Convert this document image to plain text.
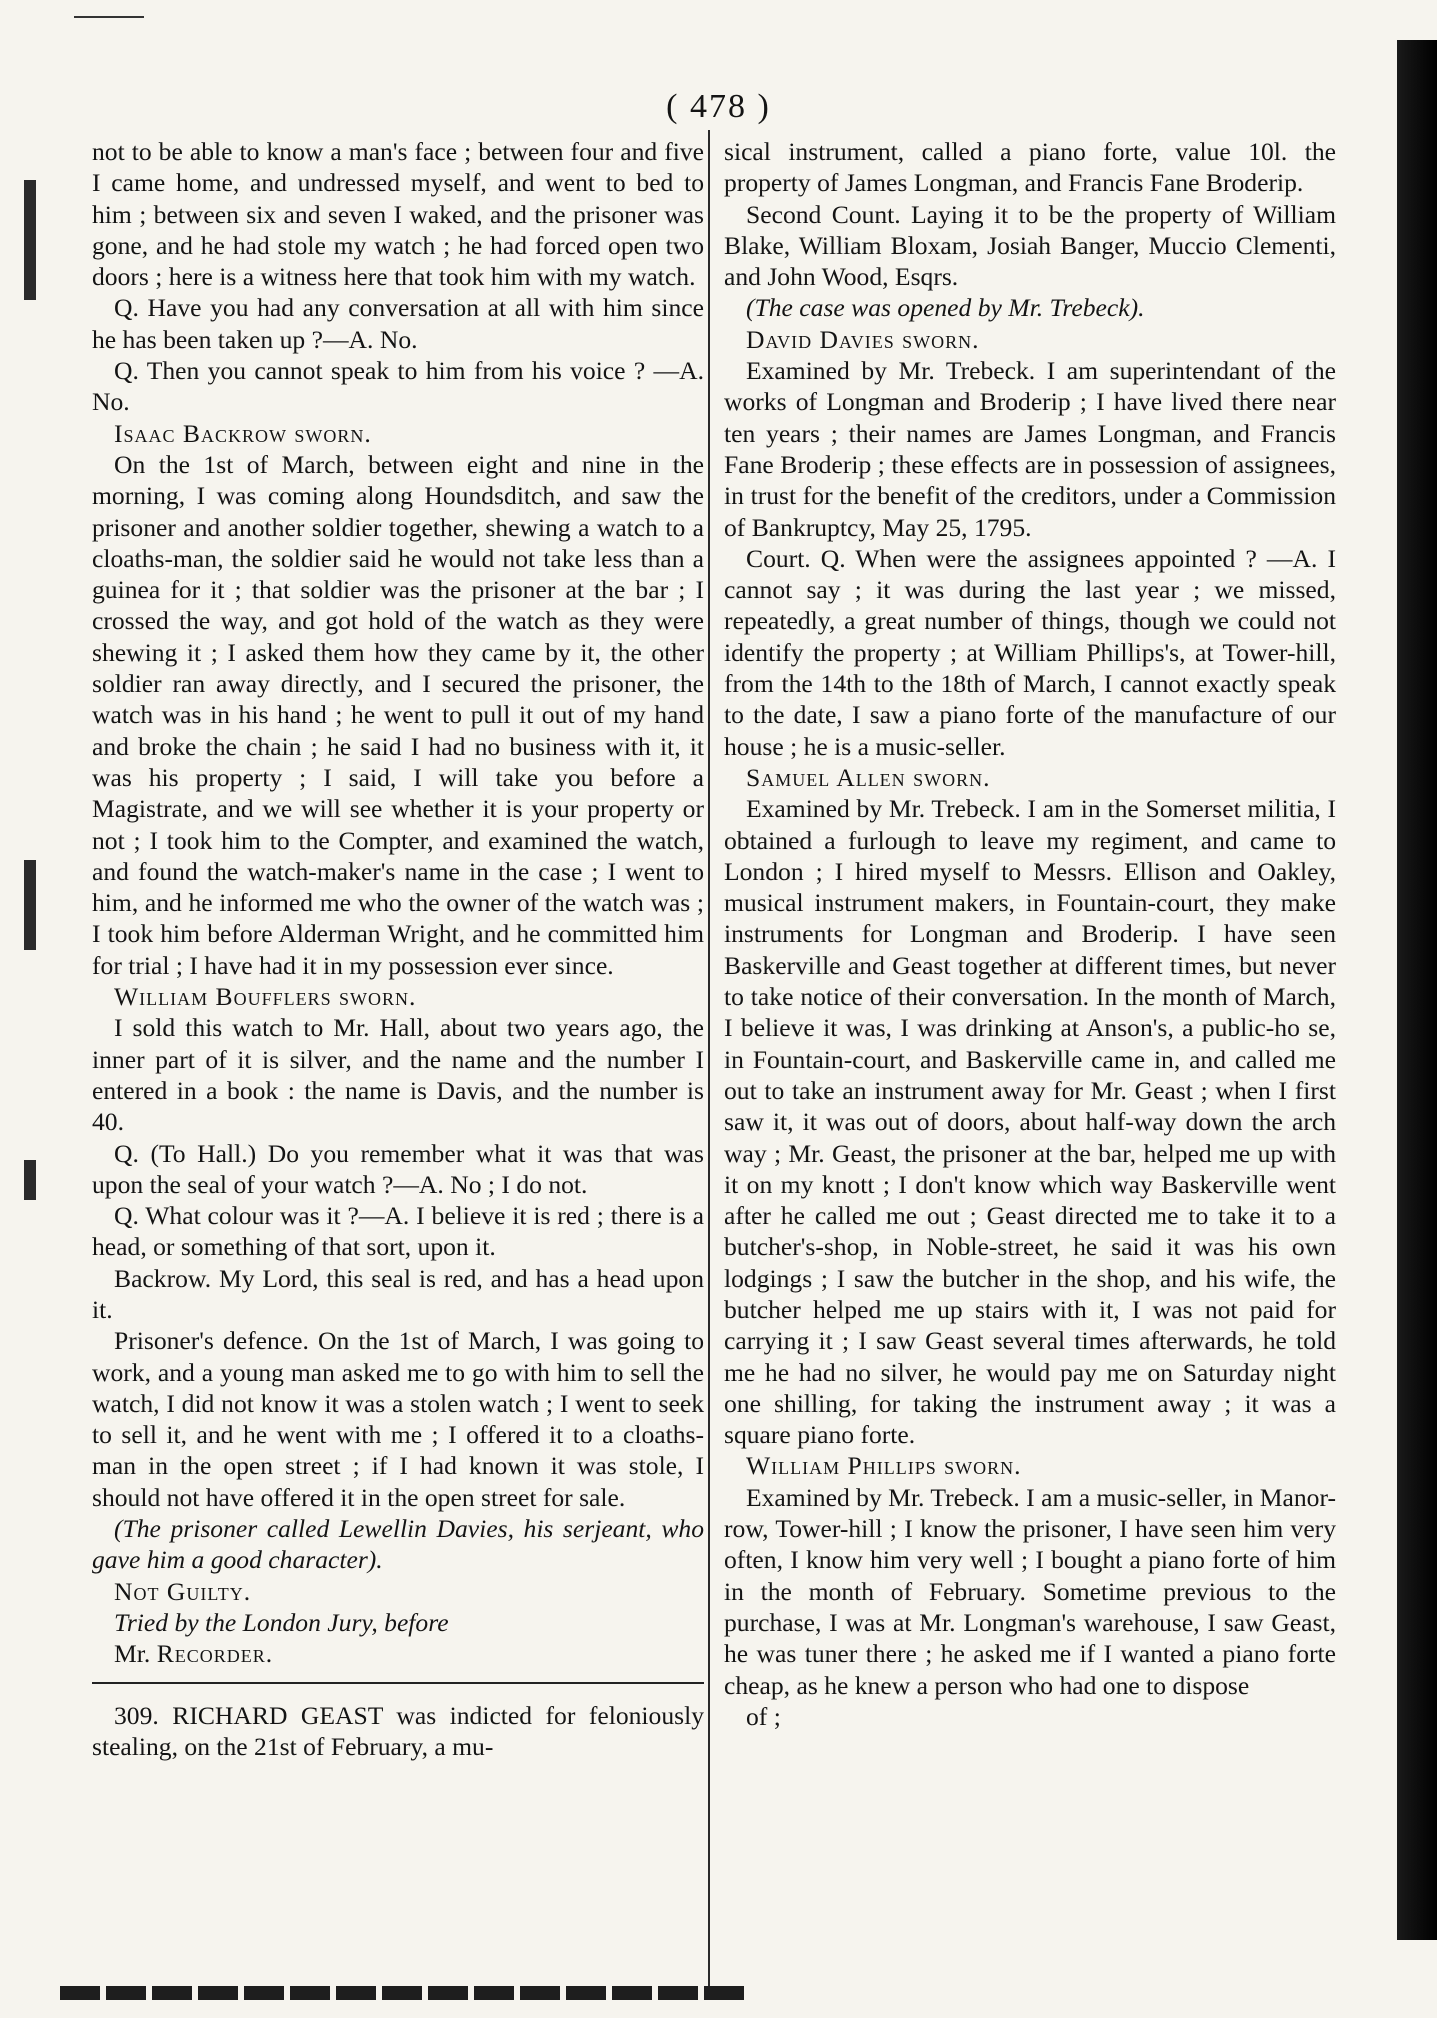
( 478 )

not to be able to know a man's face ; between four and five I came home, and undressed myself, and went to bed to him ; between six and seven I waked, and the prisoner was gone, and he had stole my watch ; he had forced open two doors ; here is a witness here that took him with my watch.

Q. Have you had any conversation at all with him since he has been taken up ?—A. No.

Q. Then you cannot speak to him from his voice ? —A. No.

Isaac Backrow sworn.

On the 1st of March, between eight and nine in the morning, I was coming along Houndsditch, and saw the prisoner and another soldier together, shewing a watch to a cloaths-man, the soldier said he would not take less than a guinea for it ; that soldier was the prisoner at the bar ; I crossed the way, and got hold of the watch as they were shewing it ; I asked them how they came by it, the other soldier ran away directly, and I secured the prisoner, the watch was in his hand ; he went to pull it out of my hand and broke the chain ; he said I had no business with it, it was his property ; I said, I will take you before a Magistrate, and we will see whether it is your property or not ; I took him to the Compter, and examined the watch, and found the watch-maker's name in the case ; I went to him, and he informed me who the owner of the watch was ; I took him before Alderman Wright, and he committed him for trial ; I have had it in my possession ever since.

William Boufflers sworn.

I sold this watch to Mr. Hall, about two years ago, the inner part of it is silver, and the name and the number I entered in a book : the name is Davis, and the number is 40.

Q. (To Hall.) Do you remember what it was that was upon the seal of your watch ?—A. No ; I do not.

Q. What colour was it ?—A. I believe it is red ; there is a head, or something of that sort, upon it.

Backrow. My Lord, this seal is red, and has a head upon it.

Prisoner's defence. On the 1st of March, I was going to work, and a young man asked me to go with him to sell the watch, I did not know it was a stolen watch ; I went to seek to sell it, and he went with me ; I offered it to a cloaths-man in the open street ; if I had known it was stole, I should not have offered it in the open street for sale.

(The prisoner called Lewellin Davies, his serjeant, who gave him a good character).

Not Guilty.

Tried by the London Jury, before

Mr. Recorder.

309. RICHARD GEAST was indicted for feloniously stealing, on the 21st of February, a mu-

sical instrument, called a piano forte, value 10l. the property of James Longman, and Francis Fane Broderip.

Second Count. Laying it to be the property of William Blake, William Bloxam, Josiah Banger, Muccio Clementi, and John Wood, Esqrs.

(The case was opened by Mr. Trebeck).

David Davies sworn.

Examined by Mr. Trebeck. I am superintendant of the works of Longman and Broderip ; I have lived there near ten years ; their names are James Longman, and Francis Fane Broderip ; these effects are in possession of assignees, in trust for the benefit of the creditors, under a Commission of Bankruptcy, May 25, 1795.

Court. Q. When were the assignees appointed ? —A. I cannot say ; it was during the last year ; we missed, repeatedly, a great number of things, though we could not identify the property ; at William Phillips's, at Tower-hill, from the 14th to the 18th of March, I cannot exactly speak to the date, I saw a piano forte of the manufacture of our house ; he is a music-seller.

Samuel Allen sworn.

Examined by Mr. Trebeck. I am in the Somerset militia, I obtained a furlough to leave my regiment, and came to London ; I hired myself to Messrs. Ellison and Oakley, musical instrument makers, in Fountain-court, they make instruments for Longman and Broderip. I have seen Baskerville and Geast together at different times, but never to take notice of their conversation. In the month of March, I believe it was, I was drinking at Anson's, a public-ho se, in Fountain-court, and Baskerville came in, and called me out to take an instrument away for Mr. Geast ; when I first saw it, it was out of doors, about half-way down the arch way ; Mr. Geast, the prisoner at the bar, helped me up with it on my knott ; I don't know which way Baskerville went after he called me out ; Geast directed me to take it to a butcher's-shop, in Noble-street, he said it was his own lodgings ; I saw the butcher in the shop, and his wife, the butcher helped me up stairs with it, I was not paid for carrying it ; I saw Geast several times afterwards, he told me he had no silver, he would pay me on Saturday night one shilling, for taking the instrument away ; it was a square piano forte.

William Phillips sworn.

Examined by Mr. Trebeck. I am a music-seller, in Manor-row, Tower-hill ; I know the prisoner, I have seen him very often, I know him very well ; I bought a piano forte of him in the month of February. Sometime previous to the purchase, I was at Mr. Longman's warehouse, I saw Geast, he was tuner there ; he asked me if I wanted a piano forte cheap, as he knew a person who had one to dispose

of ;
